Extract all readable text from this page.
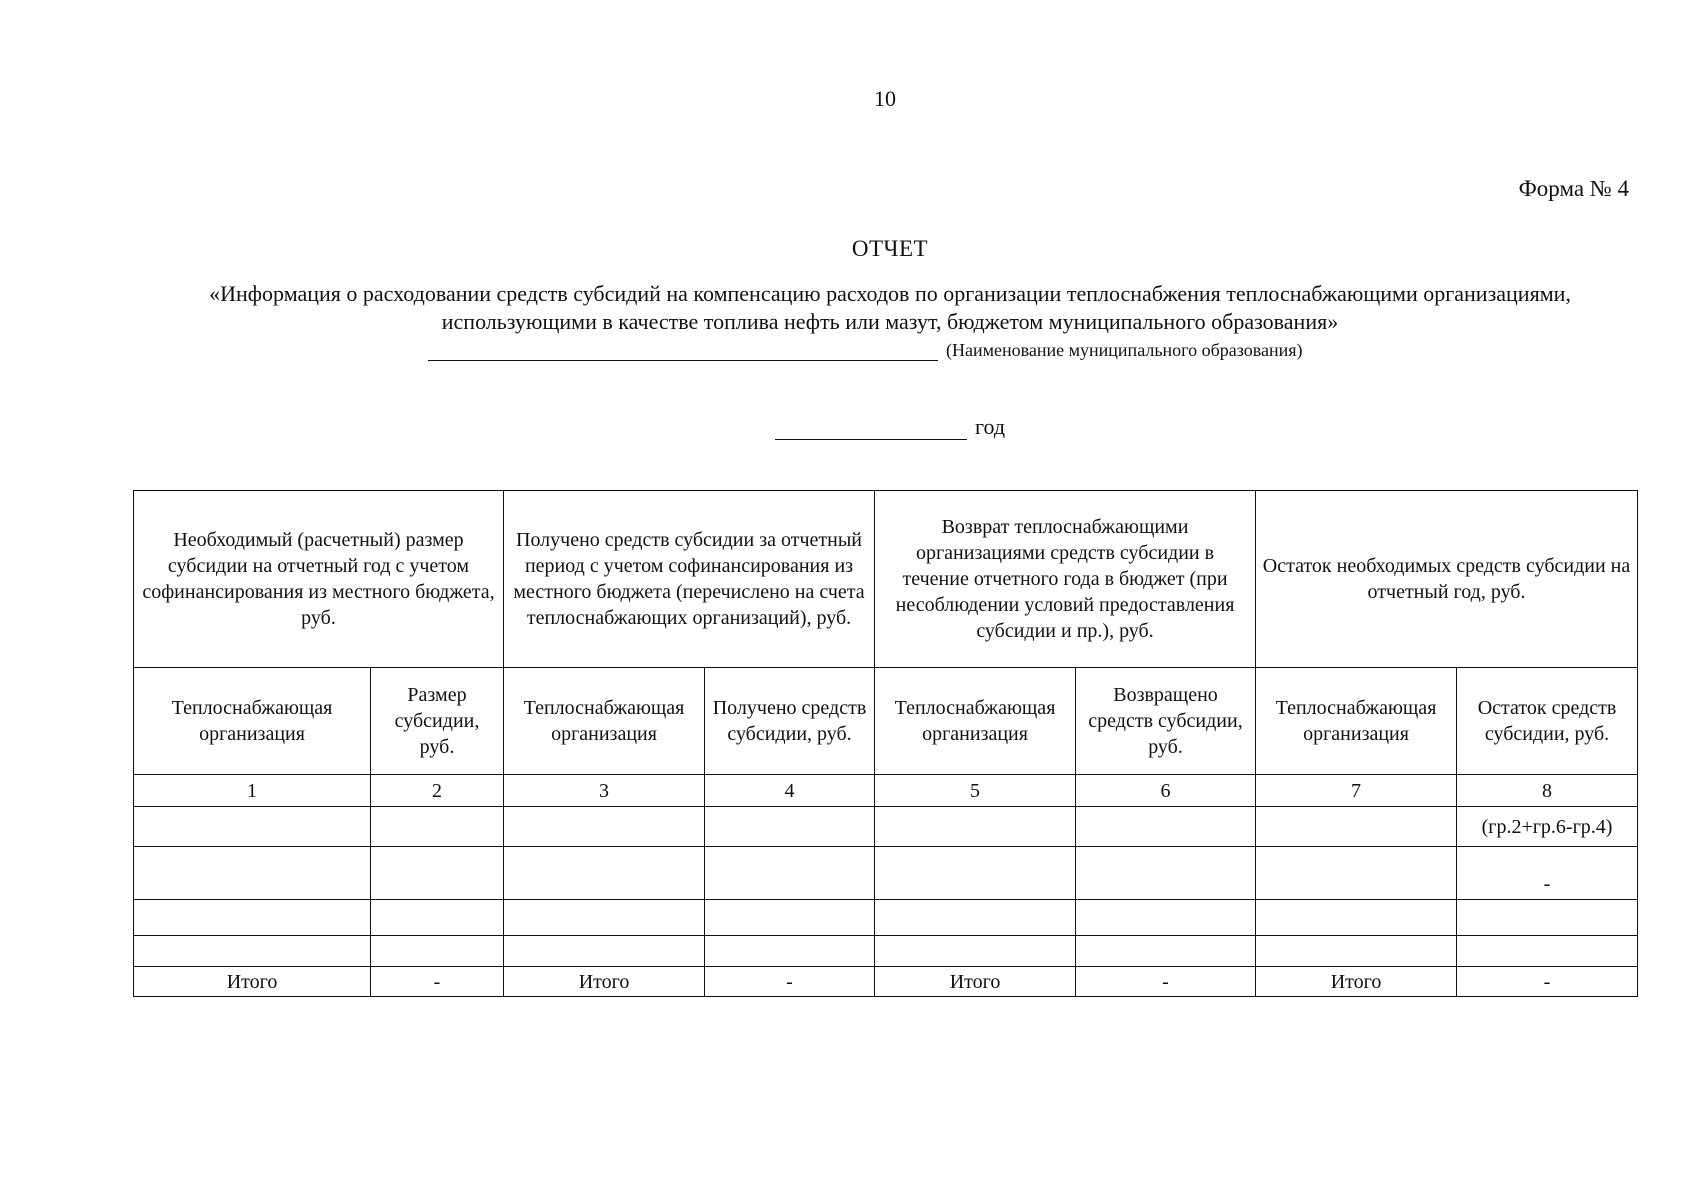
10
Форма № 4
ОТЧЕТ
«Информация о расходовании средств субсидий на компенсацию расходов по организации теплоснабжения теплоснабжающими организациями, использующими в качестве топлива нефть или мазут, бюджетом муниципального образования»
(Наименование муниципального образования)
год
Необходимый (расчетный) размер субсидии на отчетный год с учетом софинансирования из местного бюджета, руб.		Получено средств субсидии за отчетный период с учетом софинансирования из местного бюджета (перечислено на счета теплоснабжающих организаций), руб.		Возврат теплоснабжающими организациями средств субсидии в течение отчетного года в бюджет (при несоблюдении условий предоставления субсидии и пр.), руб.		Остаток необходимых средств субсидии на отчетный год, руб.	
Теплоснабжающая организация	Размер субсидии, руб.	Теплоснабжающая организация	Получено средств субсидии, руб.	Теплоснабжающая организация	Возвращено средств субсидии, руб.	Теплоснабжающая организация	Остаток средств субсидии, руб.
1	2	3	4	5	6	7	8
							(гр.2+гр.6-гр.4)
							-

Итого	-	Итого	-	Итого	-	Итого	-
